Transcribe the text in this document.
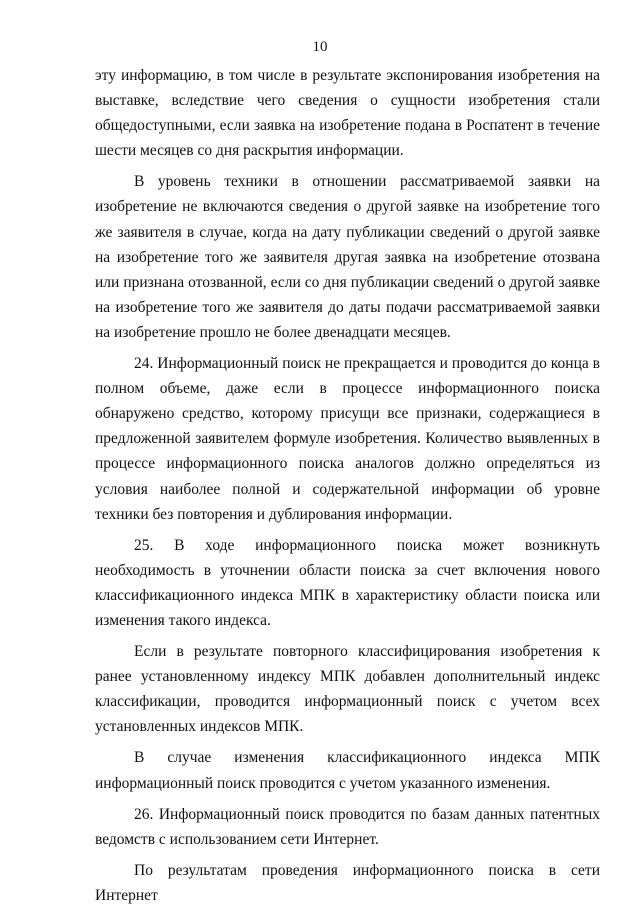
10

эту информацию, в том числе в результате экспонирования изобретения на выставке, вследствие чего сведения о сущности изобретения стали общедоступными, если заявка на изобретение подана в Роспатент в течение шести месяцев со дня раскрытия информации.

В уровень техники в отношении рассматриваемой заявки на изобретение не включаются сведения о другой заявке на изобретение того же заявителя в случае, когда на дату публикации сведений о другой заявке на изобретение того же заявителя другая заявка на изобретение отозвана или признана отозванной, если со дня публикации сведений о другой заявке на изобретение того же заявителя до даты подачи рассматриваемой заявки на изобретение прошло не более двенадцати месяцев.

24. Информационный поиск не прекращается и проводится до конца в полном объеме, даже если в процессе информационного поиска обнаружено средство, которому присущи все признаки, содержащиеся в предложенной заявителем формуле изобретения. Количество выявленных в процессе информационного поиска аналогов должно определяться из условия наиболее полной и содержательной информации об уровне техники без повторения и дублирования информации.

25. В ходе информационного поиска может возникнуть необходимость в уточнении области поиска за счет включения нового классификационного индекса МПК в характеристику области поиска или изменения такого индекса.

Если в результате повторного классифицирования изобретения к ранее установленному индексу МПК добавлен дополнительный индекс классификации, проводится информационный поиск с учетом всех установленных индексов МПК.

В случае изменения классификационного индекса МПК информационный поиск проводится с учетом указанного изменения.

26. Информационный поиск проводится по базам данных патентных ведомств с использованием сети Интернет.

По результатам проведения информационного поиска в сети Интернет
